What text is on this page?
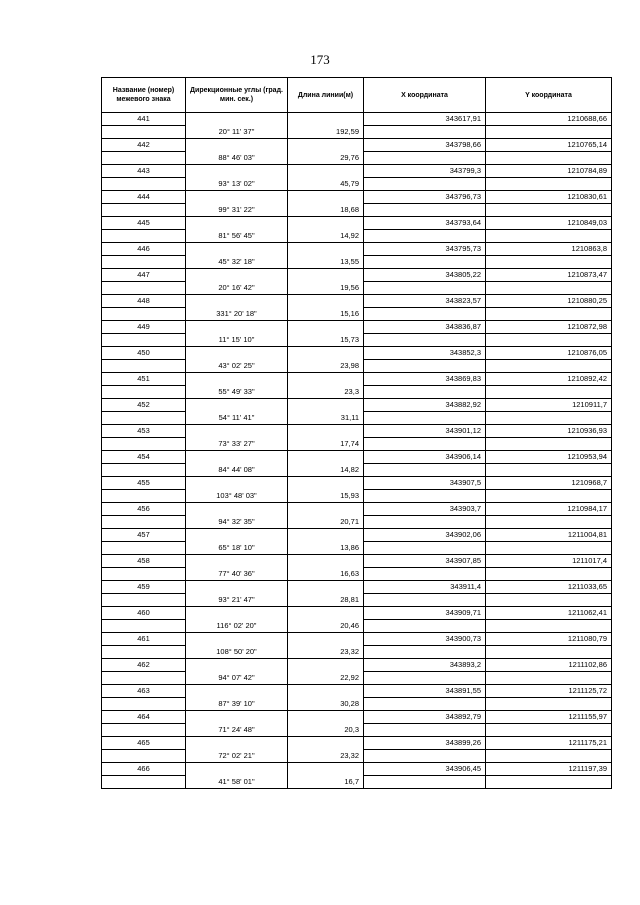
173
Название (номер) межевого знака	Дирекционные углы (град. мин. сек.)	Длина линии(м)	X координата	Y координата
441			343617,91	1210688,66
	20° 11' 37"	192,59		
442			343798,66	1210765,14
	88° 46' 03"	29,76		
443			343799,3	1210784,89
	93° 13' 02"	45,79		
444			343796,73	1210830,61
	99° 31' 22"	18,68		
445			343793,64	1210849,03
	81° 56' 45"	14,92		
446			343795,73	1210863,8
	45° 32' 18"	13,55		
447			343805,22	1210873,47
	20° 16' 42"	19,56		
448			343823,57	1210880,25
	331° 20' 18"	15,16		
449			343836,87	1210872,98
	11° 15' 10"	15,73		
450			343852,3	1210876,05
	43° 02' 25"	23,98		
451			343869,83	1210892,42
	55° 49' 33"	23,3		
452			343882,92	1210911,7
	54° 11' 41"	31,11		
453			343901,12	1210936,93
	73° 33' 27"	17,74		
454			343906,14	1210953,94
	84° 44' 08"	14,82		
455			343907,5	1210968,7
	103° 48' 03"	15,93		
456			343903,7	1210984,17
	94° 32' 35"	20,71		
457			343902,06	1211004,81
	65° 18' 10"	13,86		
458			343907,85	1211017,4
	77° 40' 36"	16,63		
459			343911,4	1211033,65
	93° 21' 47"	28,81		
460			343909,71	1211062,41
	116° 02' 20"	20,46		
461			343900,73	1211080,79
	108° 50' 20"	23,32		
462			343893,2	1211102,86
	94° 07' 42"	22,92		
463			343891,55	1211125,72
	87° 39' 10"	30,28		
464			343892,79	1211155,97
	71° 24' 48"	20,3		
465			343899,26	1211175,21
	72° 02' 21"	23,32		
466			343906,45	1211197,39
	41° 58' 01"	16,7		
